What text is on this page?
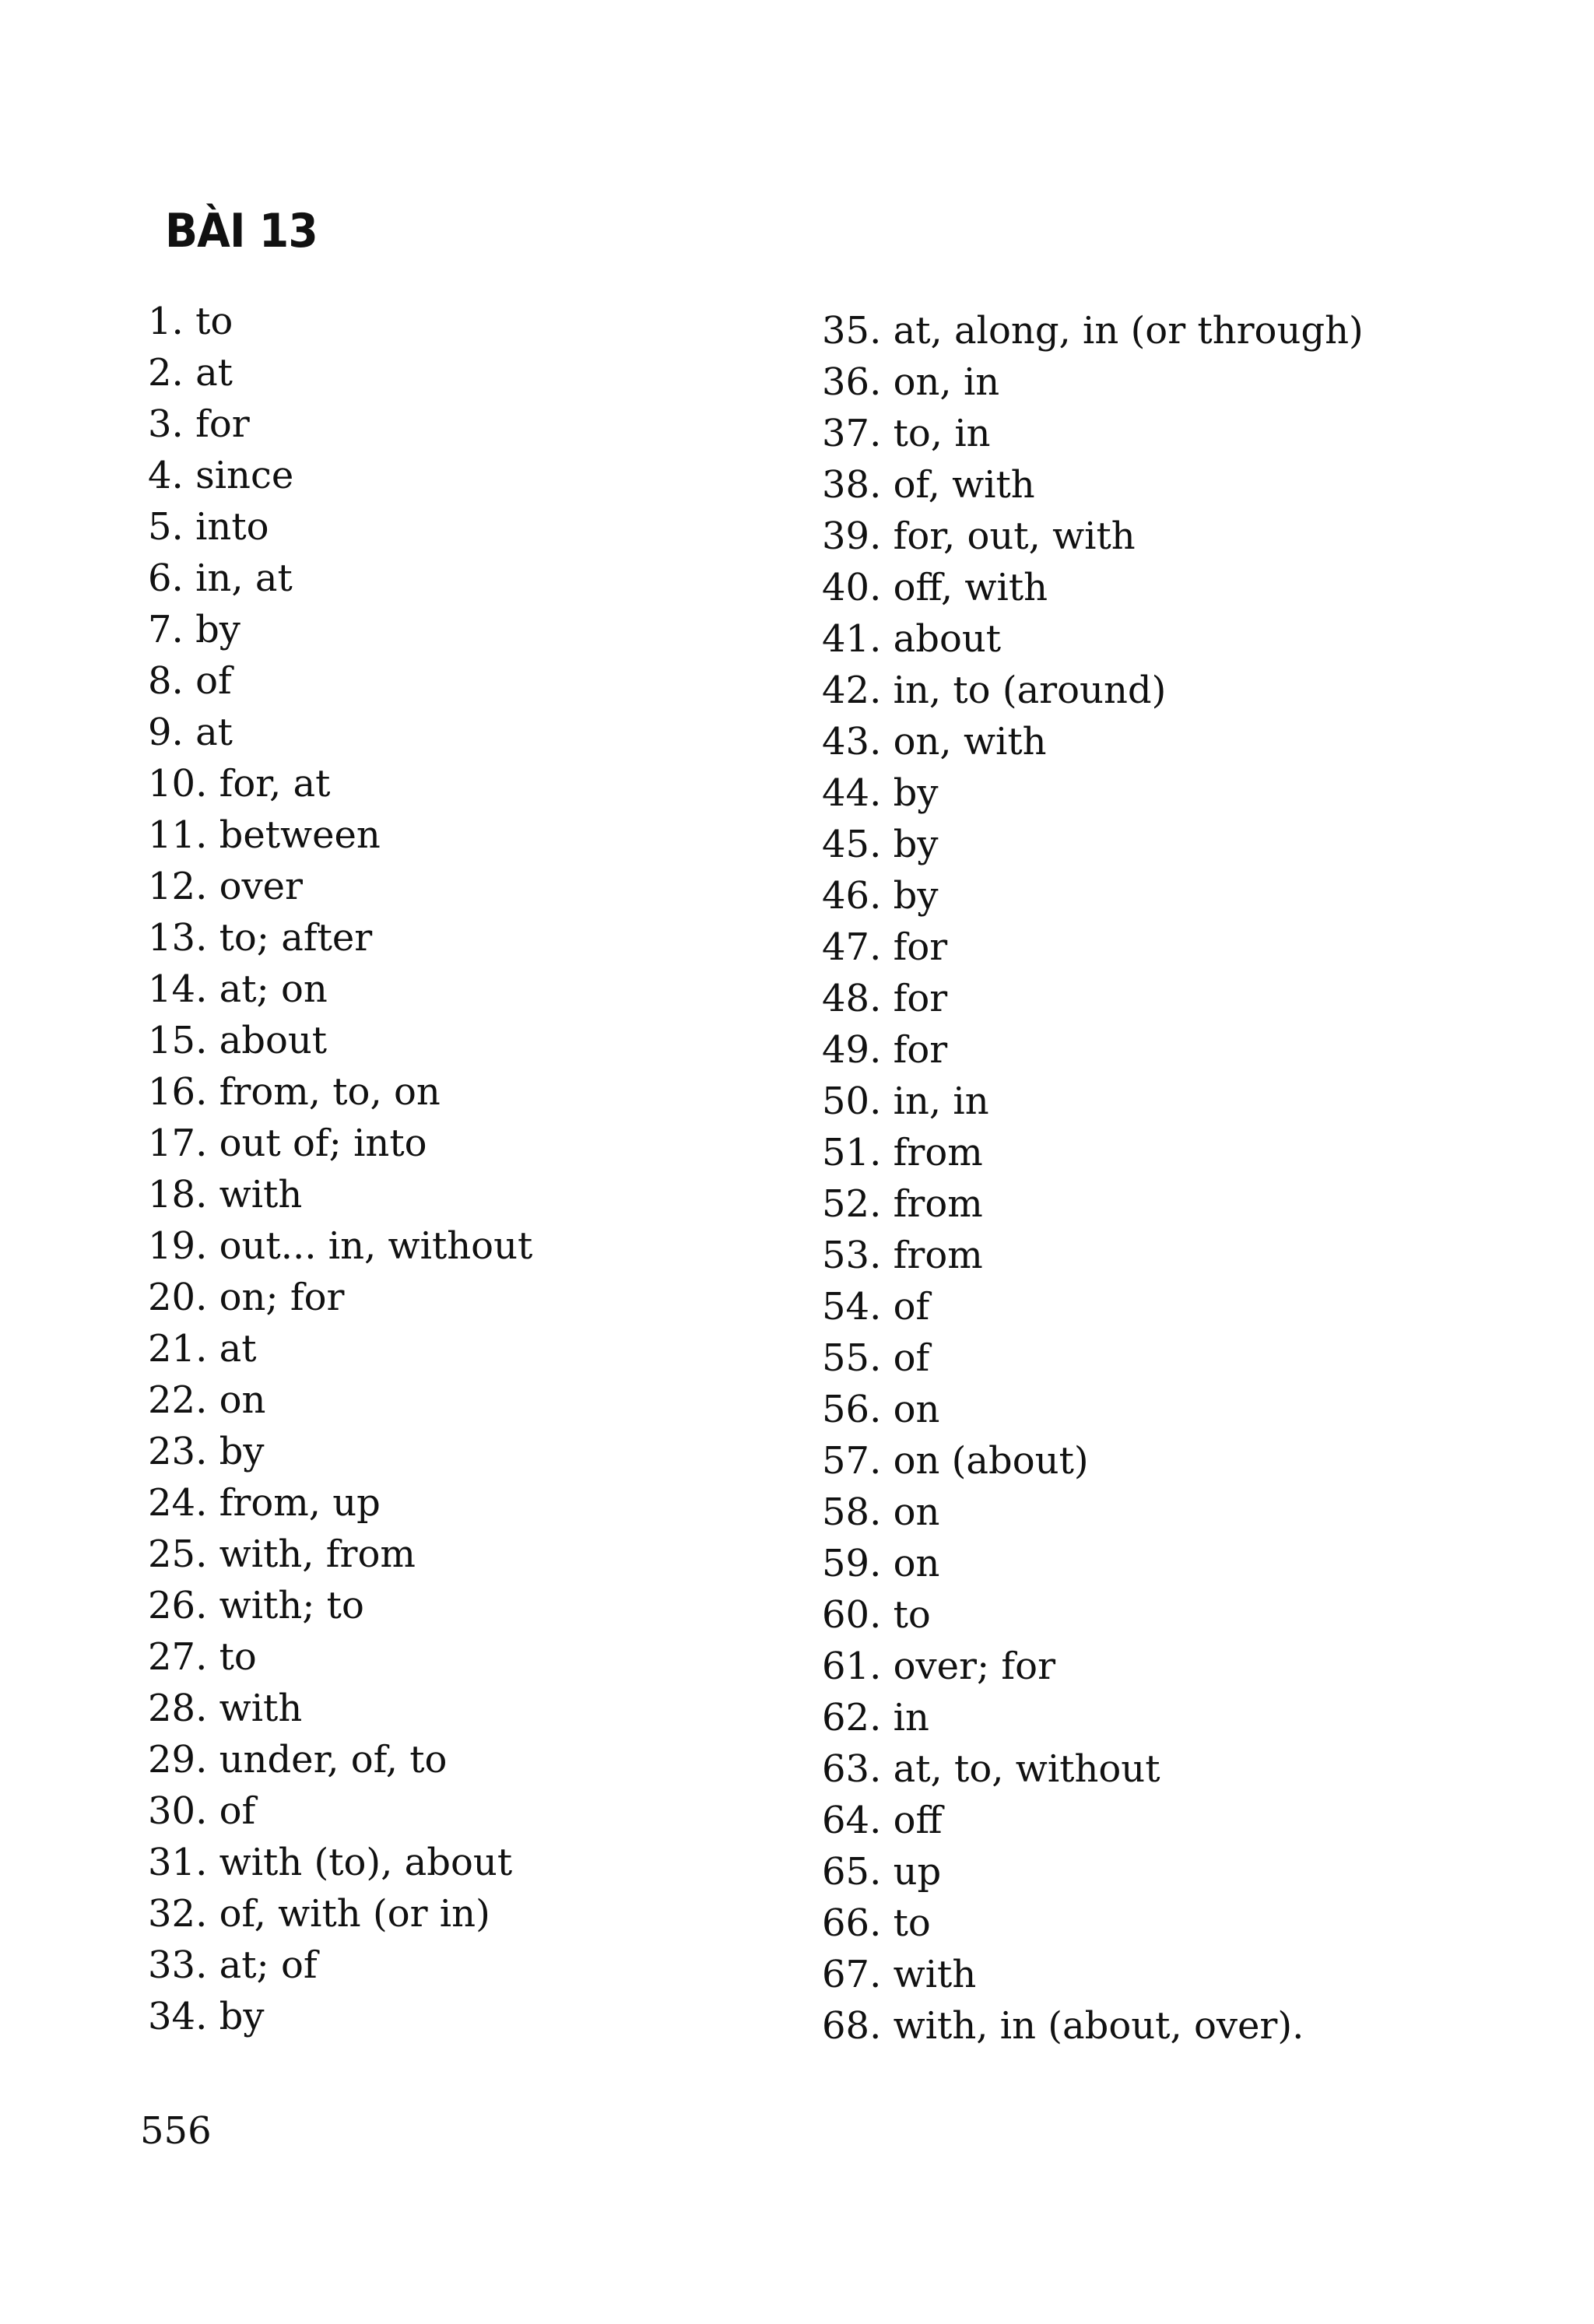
BÀI 13
1. to
2. at
3. for
4. since
5. into
6. in, at
7. by
8. of
9. at
10. for, at
11. between
12. over
13. to; after
14. at; on
15. about
16. from, to, on
17. out of; into
18. with
19. out... in, without
20. on; for
21. at
22. on
23. by
24. from, up
25. with, from
26. with; to
27. to
28. with
29. under, of, to
30. of
31. with (to), about
32. of, with (or in)
33. at; of
34. by
35. at, along, in (or through)
36. on, in
37. to, in
38. of, with
39. for, out, with
40. off, with
41. about
42. in, to (around)
43. on, with
44. by
45. by
46. by
47. for
48. for
49. for
50. in, in
51. from
52. from
53. from
54. of
55. of
56. on
57. on (about)
58. on
59. on
60. to
61. over; for
62. in
63. at, to, without
64. off
65. up
66. to
67. with
68. with, in (about, over).

556
